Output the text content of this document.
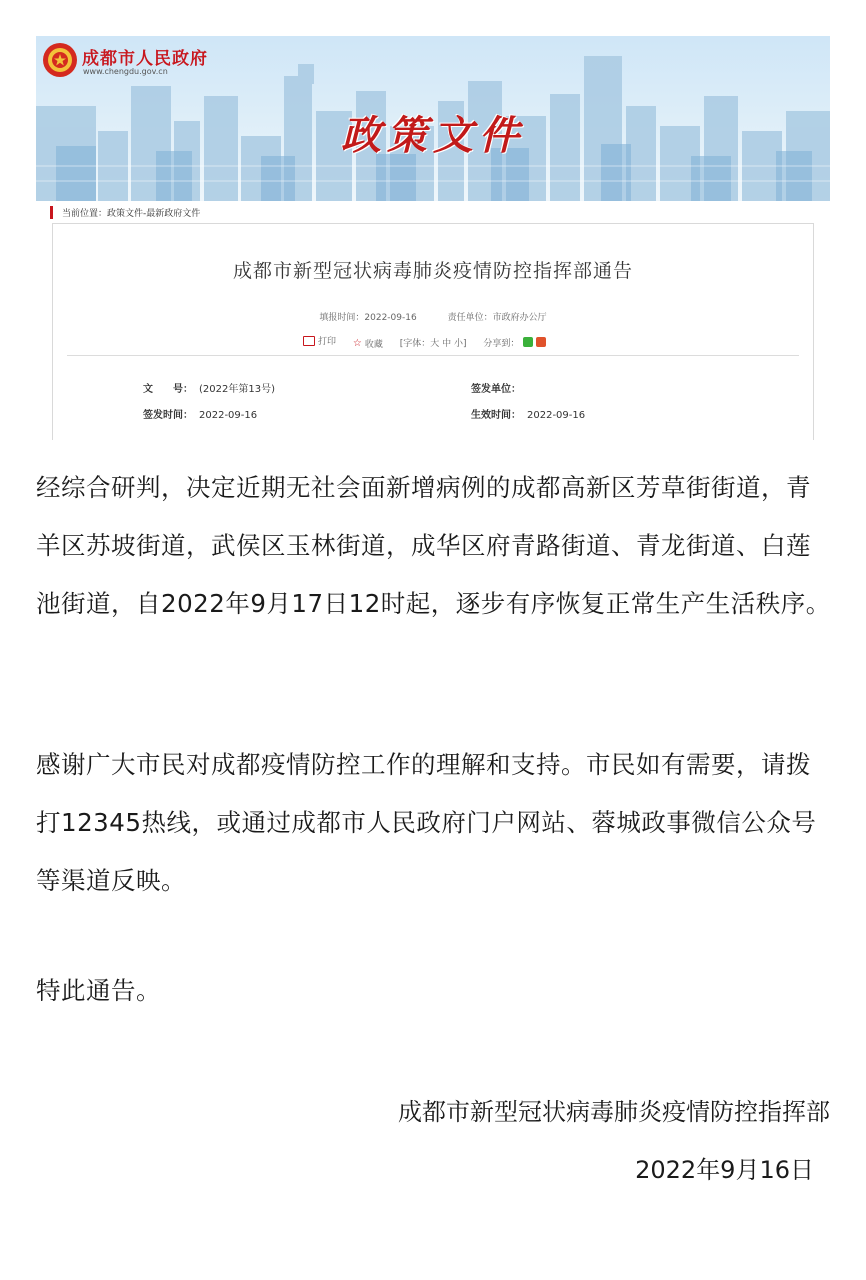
成都市人民政府
www.chengdu.gov.cn
政策文件
当前位置：政策文件-最新政府文件
成都市新型冠状病毒肺炎疫情防控指挥部通告
填报时间：2022-09-16	责任单位：市政府办公厅
打印
☆ 收藏 [字体：大 中 小] 分享到：
文　　号： (2022年第13号)	签发单位：
签发时间： 2022-09-16	生效时间： 2022-09-16

经综合研判，决定近期无社会面新增病例的成都高新区芳草街街道，青羊区苏坡街道，武侯区玉林街道，成华区府青路街道、青龙街道、白莲池街道，自2022年9月17日12时起，逐步有序恢复正常生产生活秩序。

感谢广大市民对成都疫情防控工作的理解和支持。市民如有需要，请拨打12345热线，或通过成都市人民政府门户网站、蓉城政事微信公众号等渠道反映。

特此通告。

成都市新型冠状病毒肺炎疫情防控指挥部
2022年9月16日
